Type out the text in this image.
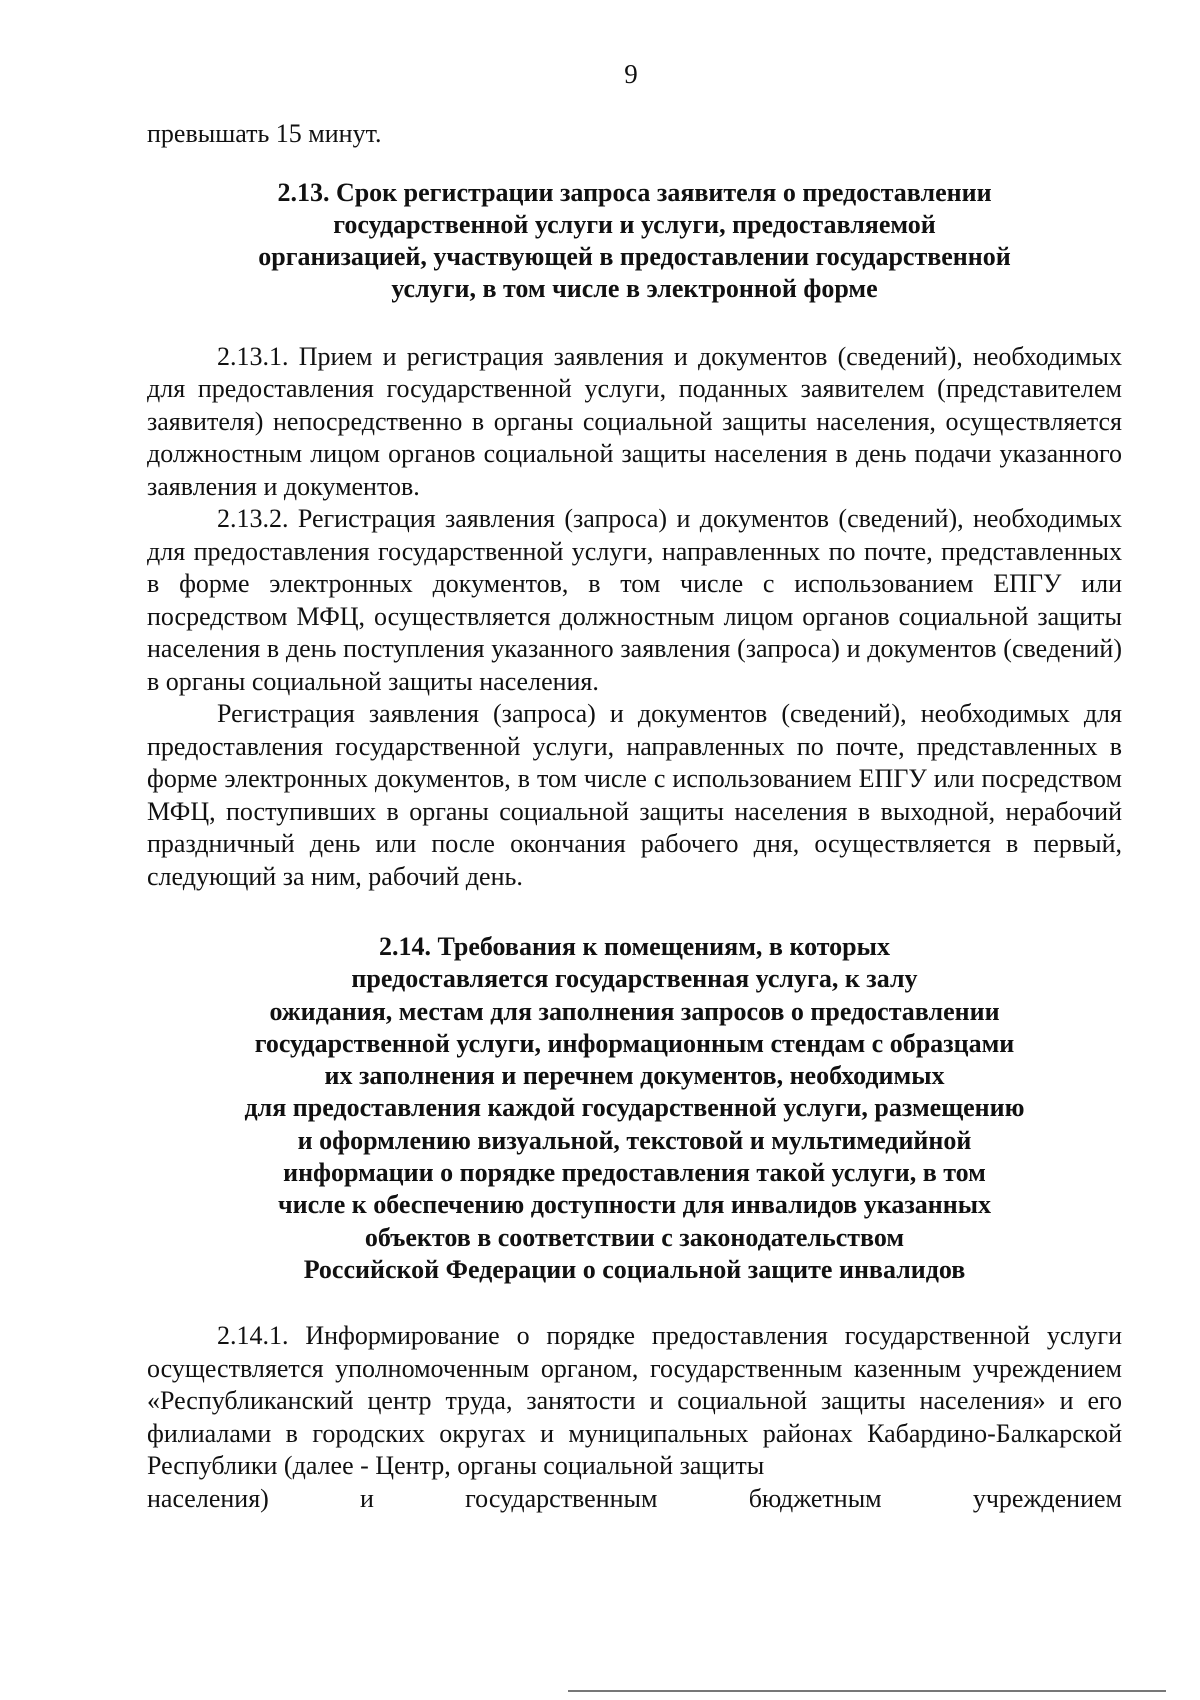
9

превышать 15 минут.

2.13. Срок регистрации запроса заявителя о предоставлении
государственной услуги и услуги, предоставляемой
организацией, участвующей в предоставлении государственной
услуги, в том числе в электронной форме

2.13.1. Прием и регистрация заявления и документов (сведений), необходимых для предоставления государственной услуги, поданных заявителем (представителем заявителя) непосредственно в органы социальной защиты населения, осуществляется должностным лицом органов социальной защиты населения в день подачи указанного заявления и документов.

2.13.2. Регистрация заявления (запроса) и документов (сведений), необходимых для предоставления государственной услуги, направленных по почте, представленных в форме электронных документов, в том числе с использованием ЕПГУ или посредством МФЦ, осуществляется должностным лицом органов социальной защиты населения в день поступления указанного заявления (запроса) и документов (сведений) в органы социальной защиты населения.

Регистрация заявления (запроса) и документов (сведений), необходимых для предоставления государственной услуги, направленных по почте, представленных в форме электронных документов, в том числе с использованием ЕПГУ или посредством МФЦ, поступивших в органы социальной защиты населения в выходной, нерабочий праздничный день или после окончания рабочего дня, осуществляется в первый, следующий за ним, рабочий день.

2.14. Требования к помещениям, в которых
предоставляется государственная услуга, к залу
ожидания, местам для заполнения запросов о предоставлении
государственной услуги, информационным стендам с образцами
их заполнения и перечнем документов, необходимых
для предоставления каждой государственной услуги, размещению
и оформлению визуальной, текстовой и мультимедийной
информации о порядке предоставления такой услуги, в том
числе к обеспечению доступности для инвалидов указанных
объектов в соответствии с законодательством
Российской Федерации о социальной защите инвалидов

2.14.1. Информирование о порядке предоставления государственной услуги осуществляется уполномоченным органом, государственным казенным учреждением «Республиканский центр труда, занятости и социальной защиты населения» и его филиалами в городских округах и муниципальных районах Кабардино-Балкарской Республики (далее - Центр, органы социальной защиты

населения) и государственным бюджетным учреждением
